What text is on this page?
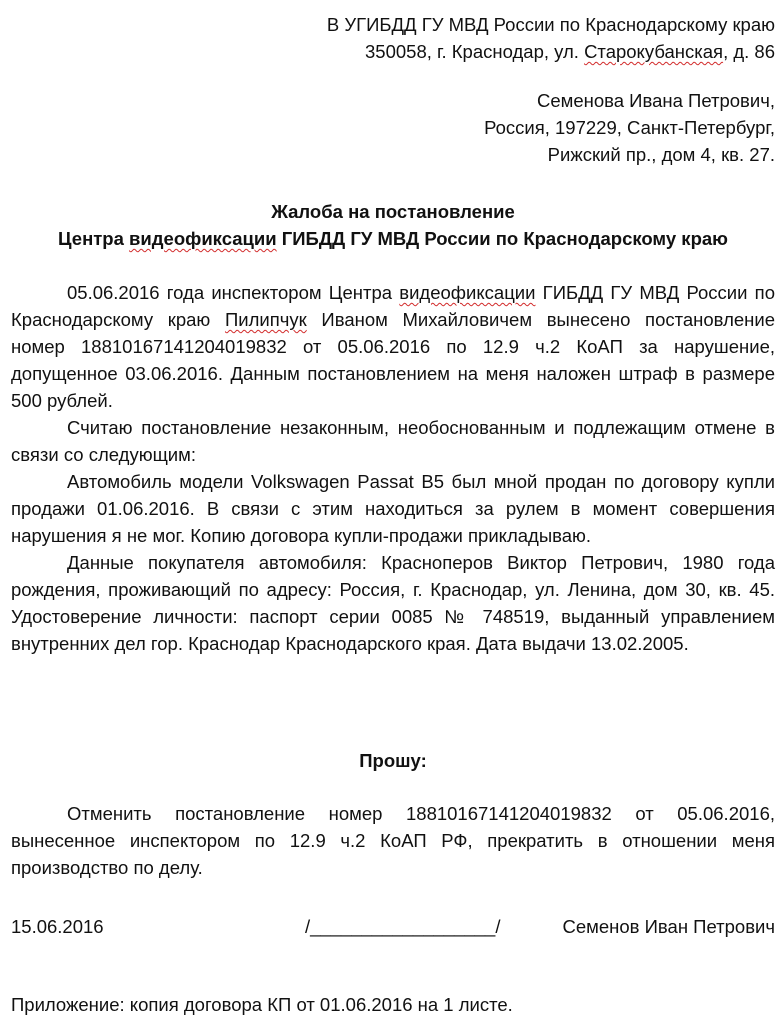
В УГИБДД ГУ МВД России по Краснодарскому краю
350058, г. Краснодар, ул. Старокубанская, д. 86
Семенова Ивана Петрович,
Россия, 197229, Санкт-Петербург,
Рижский пр., дом 4, кв. 27.
Жалоба на постановление
Центра видеофиксации ГИБДД ГУ МВД России по Краснодарскому краю

05.06.2016 года инспектором Центра видеофиксации ГИБДД ГУ МВД России по Краснодарскому краю Пилипчук Иваном Михайловичем вынесено постановление номер 18810167141204019832 от 05.06.2016 по 12.9 ч.2 КоАП за нарушение, допущенное 03.06.2016. Данным постановлением на меня наложен штраф в размере 500 рублей.

Считаю постановление незаконным, необоснованным и подлежащим отмене в связи со следующим:

Автомобиль модели Volkswagen Passat B5 был мной продан по договору купли продажи 01.06.2016. В связи с этим находиться за рулем в момент совершения нарушения я не мог. Копию договора купли-продажи прикладываю.

Данные покупателя автомобиля: Красноперов Виктор Петрович, 1980 года рождения, проживающий по адресу: Россия, г. Краснодар, ул. Ленина, дом 30, кв. 45. Удостоверение личности: паспорт серии 0085 № 748519, выданный управлением внутренних дел гор. Краснодар Краснодарского края. Дата выдачи 13.02.2005.

Прошу:

Отменить постановление номер 18810167141204019832 от 05.06.2016, вынесенное инспектором по 12.9 ч.2 КоАП РФ, прекратить в отношении меня производство по делу.

15.06.2016	/__________________/	Семенов Иван Петрович
Приложение: копия договора КП от 01.06.2016 на 1 листе.
